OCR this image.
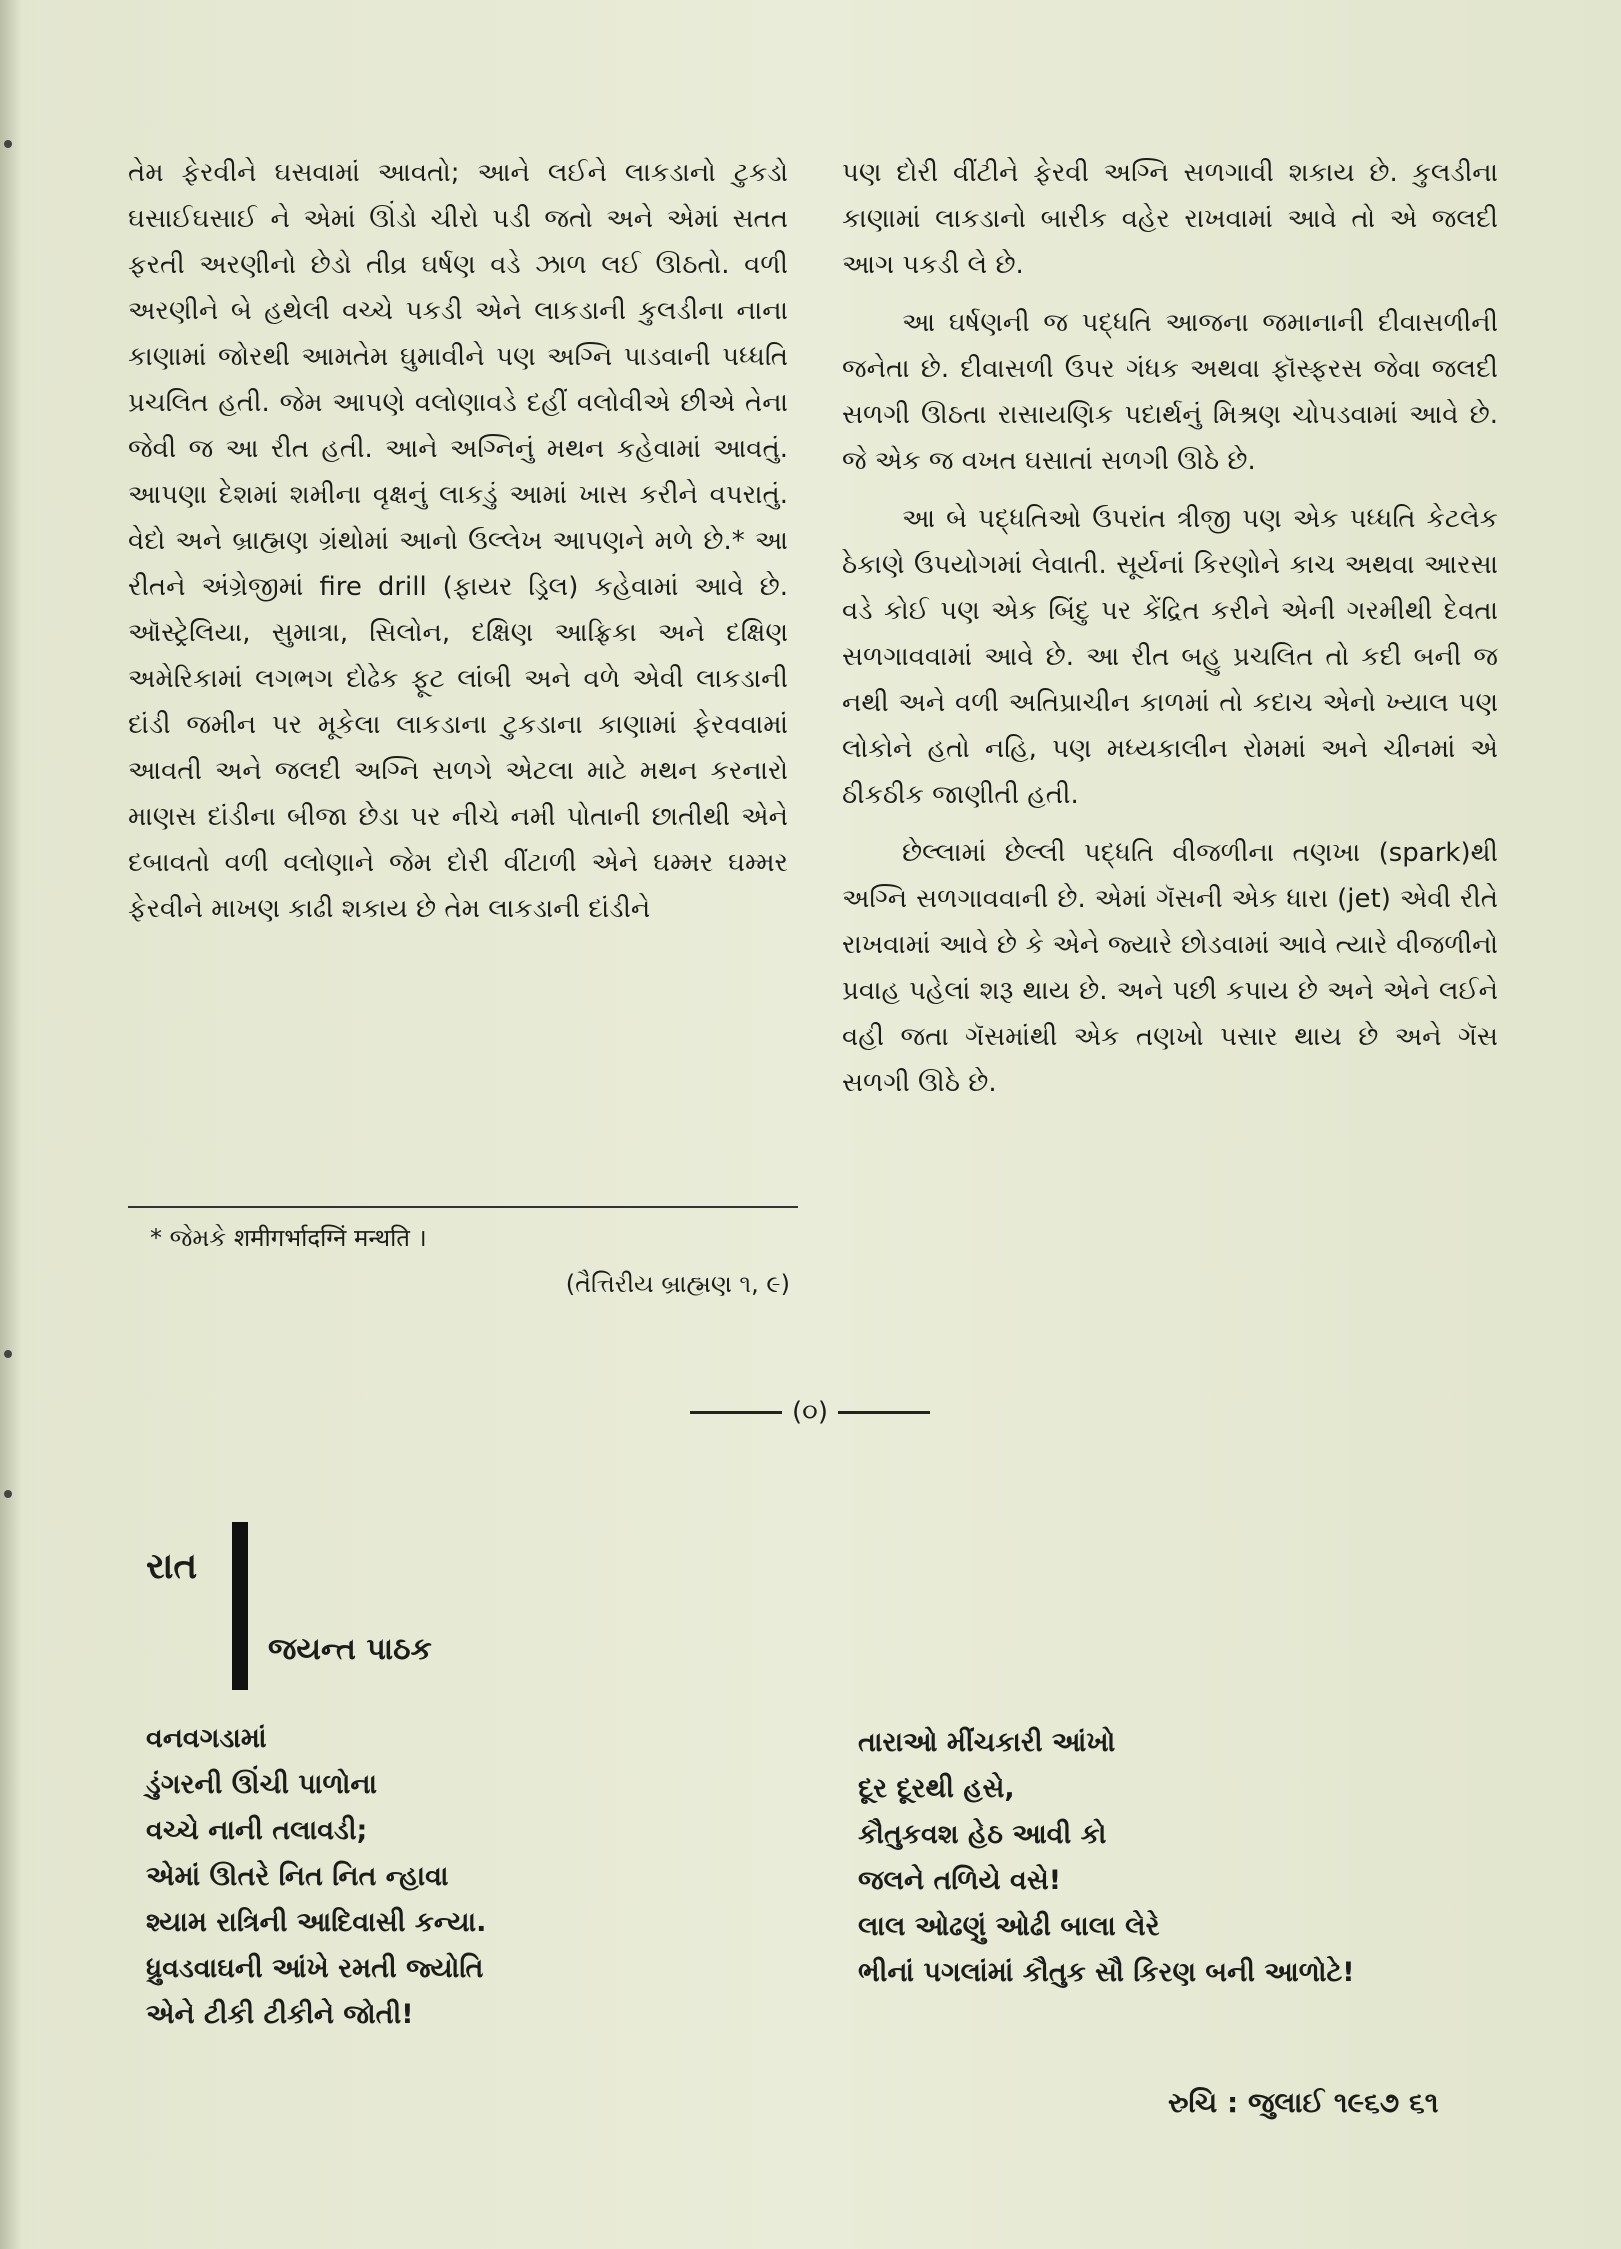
તેમ ફેરવીને ઘસવામાં આવતો; આને લઈને લાકડાનો ટુકડો ઘસાઈઘસાઈ ને એમાં ઊંડો ચીરો પડી જતો અને એમાં સતત ફરતી અરણીનો છેડો તીવ્ર ઘર્ષણ વડે ઝાળ લઈ ઊઠતો. વળી અરણીને બે હથેલી વચ્ચે પકડી એને લાકડાની કુલડીના નાના કાણામાં જોરથી આમતેમ ઘુમાવીને પણ અગ્નિ પાડવાની પધ્ધતિ પ્રચલિત હતી. જેમ આપણે વલોણાવડે દહીં વલોવીએ છીએ તેના જેવી જ આ રીત હતી. આને અગ્નિનું મથન કહેવામાં આવતું. આપણા દેશમાં શમીના વૃક્ષનું લાકડું આમાં ખાસ કરીને વપરાતું. વેદો અને બ્રાહ્મણ ગ્રંથોમાં આનો ઉલ્લેખ આપણને મળે છે.* આ રીતને અંગ્રેજીમાં fire drill (ફાયર ડ્રિલ) કહેવામાં આવે છે. ઑસ્ટ્રેલિયા, સુમાત્રા, સિલોન, દક્ષિણ આફ્રિકા અને દક્ષિણ અમેરિકામાં લગભગ દોઢેક ફૂટ લાંબી અને વળે એવી લાકડાની દાંડી જમીન પર મૂકેલા લાકડાના ટુકડાના કાણામાં ફેરવવામાં આવતી અને જલદી અગ્નિ સળગે એટલા માટે મથન કરનારો માણસ દાંડીના બીજા છેડા પર નીચે નમી પોતાની છાતીથી એને દબાવતો વળી વલોણાને જેમ દોરી વીંટાળી એને ઘમ્મર ઘમ્મર ફેરવીને માખણ કાઢી શકાય છે તેમ લાકડાની દાંડીને

* જેમકે शमीगर्भादग्निं मन्थति ।
(તૈત્તિરીય બ્રાહ્મણ ૧, ૯)

પણ દોરી વીંટીને ફેરવી અગ્નિ સળગાવી શકાય છે. કુલડીના કાણામાં લાકડાનો બારીક વહેર રાખવામાં આવે તો એ જલદી આગ પકડી લે છે.

આ ઘર્ષણની જ પદ્ધતિ આજના જમાનાની દીવાસળીની જનેતા છે. દીવાસળી ઉપર ગંધક અથવા ફૉસ્ફરસ જેવા જલદી સળગી ઊઠતા રાસાયણિક પદાર્થનું મિશ્રણ ચોપડવામાં આવે છે. જે એક જ વખત ઘસાતાં સળગી ઊઠે છે.

આ બે પદ્ધતિઓ ઉપરાંત ત્રીજી પણ એક પધ્ધતિ કેટલેક ઠેકાણે ઉપયોગમાં લેવાતી. સૂર્યનાં કિરણોને કાચ અથવા આરસા વડે કોઈ પણ એક બિંદુ પર કેંદ્રિત કરીને એની ગરમીથી દેવતા સળગાવવામાં આવે છે. આ રીત બહુ પ્રચલિત તો કદી બની જ નથી અને વળી અતિપ્રાચીન કાળમાં તો કદાચ એનો ખ્યાલ પણ લોકોને હતો નહિ, પણ મધ્યકાલીન રોમમાં અને ચીનમાં એ ઠીકઠીક જાણીતી હતી.

છેલ્લામાં છેલ્લી પદ્ધતિ વીજળીના તણખા (spark)થી અગ્નિ સળગાવવાની છે. એમાં ગૅસની એક ધારા (jet) એવી રીતે રાખવામાં આવે છે કે એને જ્યારે છોડવામાં આવે ત્યારે વીજળીનો પ્રવાહ પહેલાં શરૂ થાય છે. અને પછી કપાય છે અને એને લઈને વહી જતા ગૅસમાંથી એક તણખો પસાર થાય છે અને ગૅસ સળગી ઊઠે છે.

(૦)
રાત
જયન્ત પાઠક
વનવગડામાં
ડુંગરની ઊંચી પાળોના
વચ્ચે નાની તલાવડી;
એમાં ઊતરે નિત નિત ન્હાવા
શ્યામ રાત્રિની આદિવાસી કન્યા.
ધ્રુવડવાઘની આંખે રમતી જ્યોતિ
એને ટીકી ટીકીને જોતી!
તારાઓ મીંચકારી આંખો
દૂર દૂરથી હસે,
કૌતુકવશ હેઠ આવી કો
જલને તળિયે વસે!
લાલ ઓઢણું ઓઢી બાલા લેરે
ભીનાં પગલાંમાં કૌતુક સૌ કિરણ બની આળોટે!
રુચિ : જુલાઈ ૧૯૬૭ ૬૧
